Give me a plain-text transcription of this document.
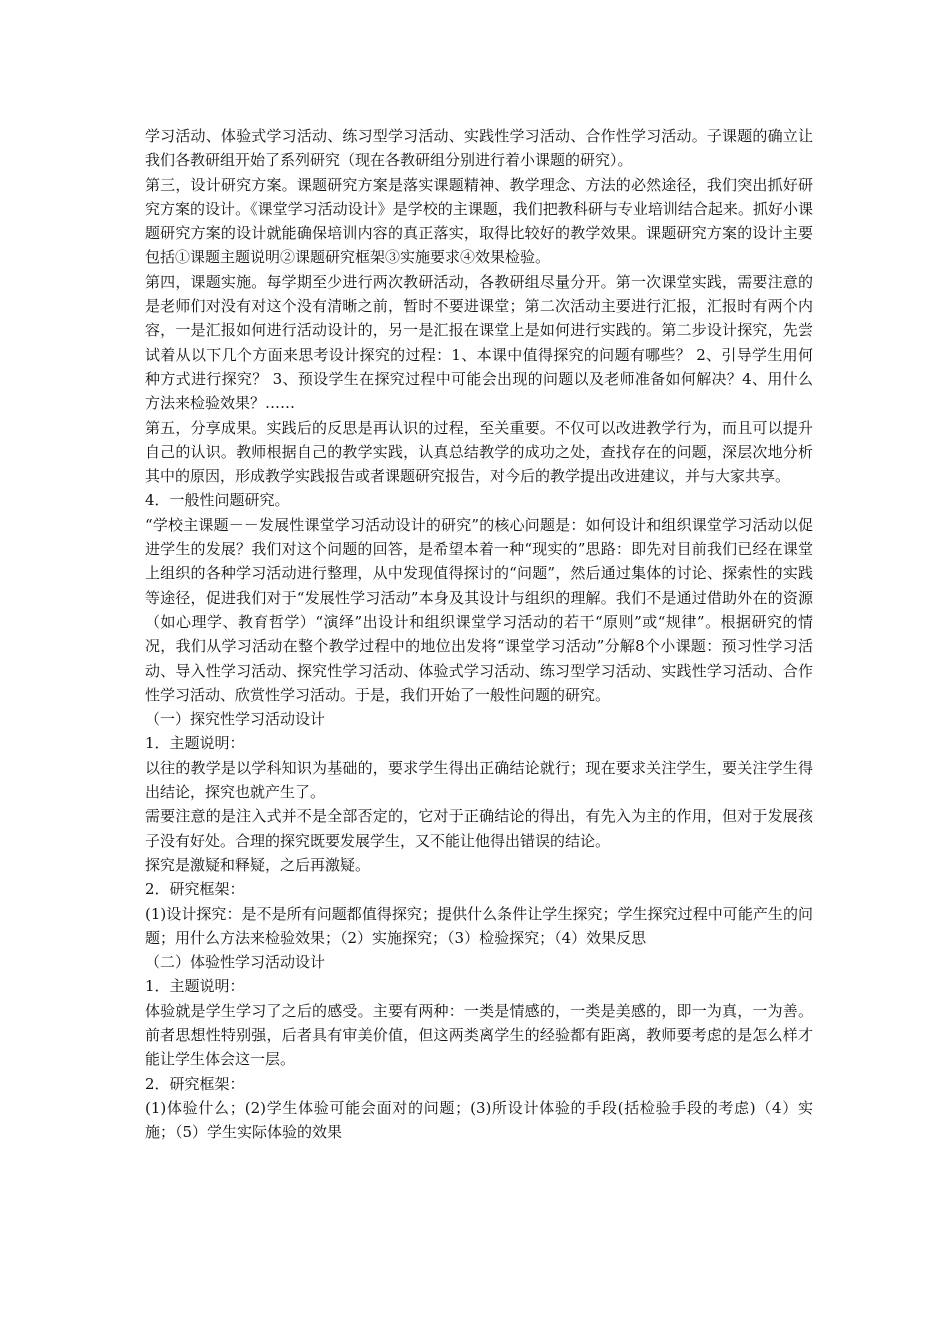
学习活动、体验式学习活动、练习型学习活动、实践性学习活动、合作性学习活动。子课题的确立让我们各教研组开始了系列研究（现在各教研组分别进行着小课题的研究）。

第三，设计研究方案。课题研究方案是落实课题精神、教学理念、方法的必然途径，我们突出抓好研究方案的设计。《课堂学习活动设计》是学校的主课题，我们把教科研与专业培训结合起来。抓好小课题研究方案的设计就能确保培训内容的真正落实，取得比较好的教学效果。课题研究方案的设计主要包括①课题主题说明②课题研究框架③实施要求④效果检验。

第四，课题实施。每学期至少进行两次教研活动，各教研组尽量分开。第一次课堂实践，需要注意的是老师们对没有对这个没有清晰之前，暂时不要进课堂；第二次活动主要进行汇报，汇报时有两个内容，一是汇报如何进行活动设计的，另一是汇报在课堂上是如何进行实践的。第二步设计探究，先尝试着从以下几个方面来思考设计探究的过程：1、本课中值得探究的问题有哪些？ 2、引导学生用何种方式进行探究？ 3、预设学生在探究过程中可能会出现的问题以及老师准备如何解决？4、用什么方法来检验效果？……

第五，分享成果。实践后的反思是再认识的过程，至关重要。不仅可以改进教学行为，而且可以提升自己的认识。教师根据自己的教学实践，认真总结教学的成功之处，查找存在的问题，深层次地分析其中的原因，形成教学实践报告或者课题研究报告，对今后的教学提出改进建议，并与大家共享。

4．一般性问题研究。

“学校主课题－－发展性课堂学习活动设计的研究”的核心问题是：如何设计和组织课堂学习活动以促进学生的发展？我们对这个问题的回答，是希望本着一种“现实的”思路：即先对目前我们已经在课堂上组织的各种学习活动进行整理，从中发现值得探讨的“问题”，然后通过集体的讨论、探索性的实践等途径，促进我们对于“发展性学习活动”本身及其设计与组织的理解。我们不是通过借助外在的资源（如心理学、教育哲学）“演绎”出设计和组织课堂学习活动的若干“原则”或“规律”。根据研究的情况，我们从学习活动在整个教学过程中的地位出发将“课堂学习活动”分解8个小课题：预习性学习活动、导入性学习活动、探究性学习活动、体验式学习活动、练习型学习活动、实践性学习活动、合作性学习活动、欣赏性学习活动。于是，我们开始了一般性问题的研究。

（一）探究性学习活动设计

1．主题说明：

以往的教学是以学科知识为基础的，要求学生得出正确结论就行；现在要求关注学生，要关注学生得出结论，探究也就产生了。

需要注意的是注入式并不是全部否定的，它对于正确结论的得出，有先入为主的作用，但对于发展孩子没有好处。合理的探究既要发展学生，又不能让他得出错误的结论。

探究是激疑和释疑，之后再激疑。

2．研究框架：

(1)设计探究：是不是所有问题都值得探究；提供什么条件让学生探究；学生探究过程中可能产生的问题；用什么方法来检验效果；（2）实施探究；（3）检验探究；（4）效果反思

（二）体验性学习活动设计

1．主题说明：

体验就是学生学习了之后的感受。主要有两种：一类是情感的，一类是美感的，即一为真，一为善。前者思想性特别强，后者具有审美价值，但这两类离学生的经验都有距离，教师要考虑的是怎么样才能让学生体会这一层。

2．研究框架：

(1)体验什么；(2)学生体验可能会面对的问题；(3)所设计体验的手段(括检验手段的考虑)（4）实施；（5）学生实际体验的效果
